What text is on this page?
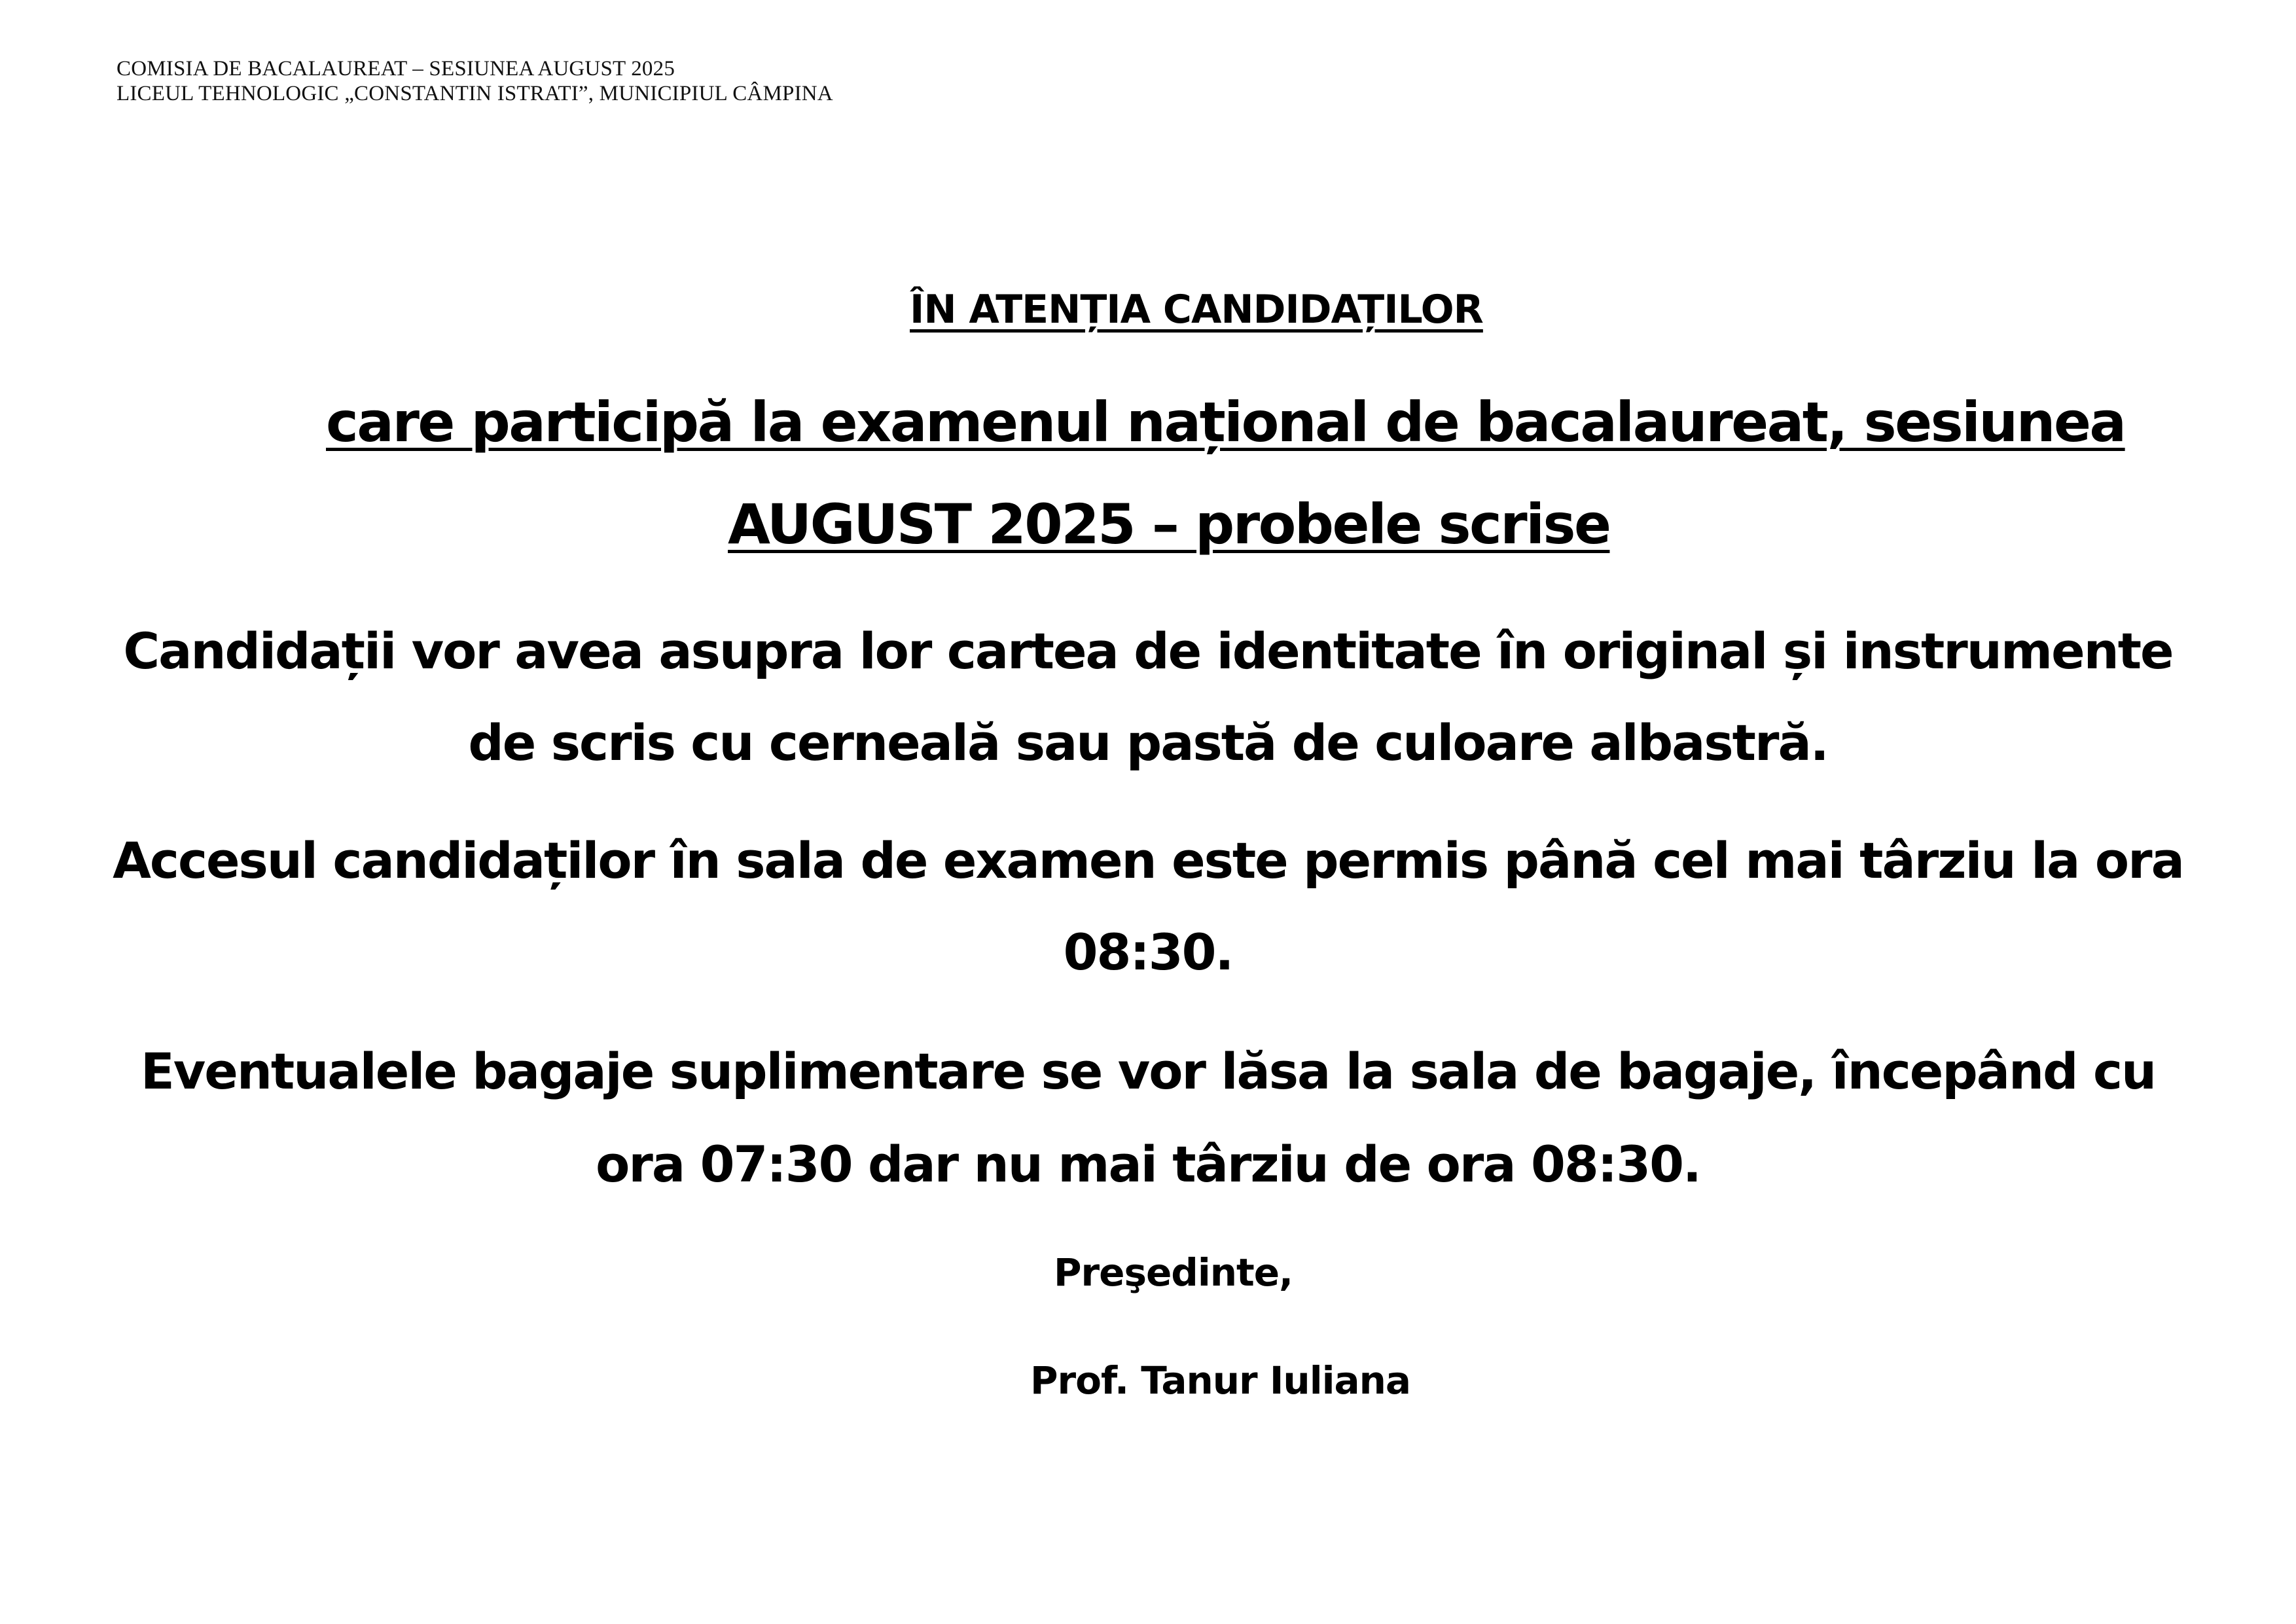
COMISIA DE BACALAUREAT – SESIUNEA AUGUST 2025
LICEUL TEHNOLOGIC „CONSTANTIN ISTRATI”, MUNICIPIUL CÂMPINA
ÎN ATENȚIA CANDIDAȚILOR
care participă la examenul național de bacalaureat, sesiunea
AUGUST 2025 – probele scrise
Candidații vor avea asupra lor cartea de identitate în original și instrumente
de scris cu cerneală sau pastă de culoare albastră.
Accesul candidaților în sala de examen este permis până cel mai târziu la ora
08:30.
Eventualele bagaje suplimentare se vor lăsa la sala de bagaje, începând cu
ora 07:30 dar nu mai târziu de ora 08:30.
Preşedinte,
Prof. Tanur Iuliana
